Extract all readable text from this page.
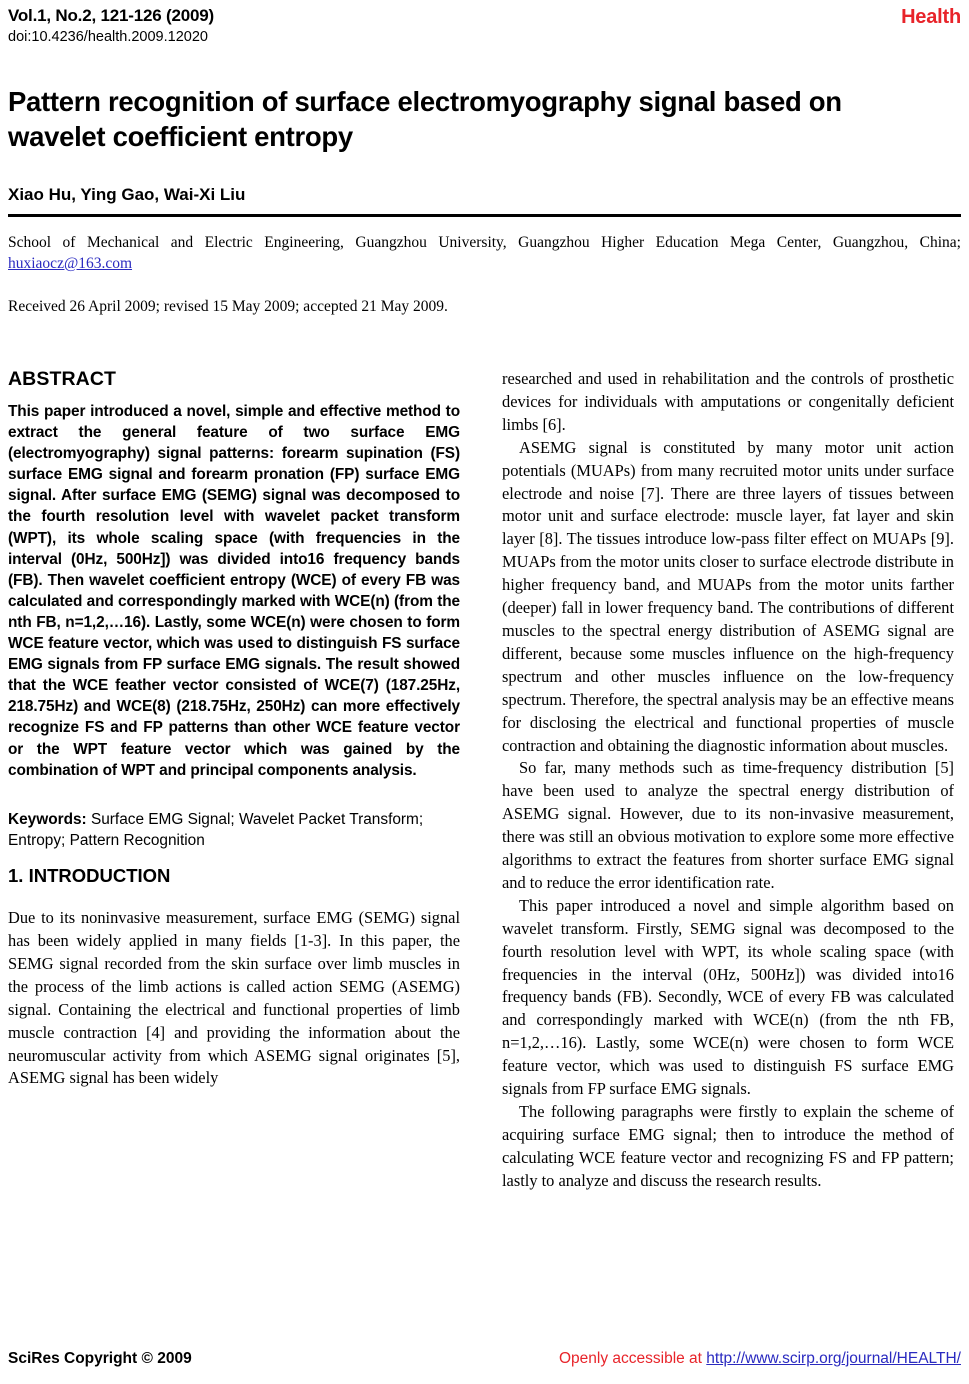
Vol.1, No.2, 121-126 (2009)
doi:10.4236/health.2009.12020
Health
Pattern recognition of surface electromyography signal based on wavelet coefficient entropy
Xiao Hu, Ying Gao, Wai-Xi Liu
School of Mechanical and Electric Engineering, Guangzhou University, Guangzhou Higher Education Mega Center, Guangzhou, China; huxiaocz@163.com
Received 26 April 2009; revised 15 May 2009; accepted 21 May 2009.
ABSTRACT

This paper introduced a novel, simple and effective method to extract the general feature of two surface EMG (electromyography) signal patterns: forearm supination (FS) surface EMG signal and forearm pronation (FP) surface EMG signal. After surface EMG (SEMG) signal was decomposed to the fourth resolution level with wavelet packet transform (WPT), its whole scaling space (with frequencies in the interval (0Hz, 500Hz]) was divided into16 frequency bands (FB). Then wavelet coefficient entropy (WCE) of every FB was calculated and correspondingly marked with WCE(n) (from the nth FB, n=1,2,…16). Lastly, some WCE(n) were chosen to form WCE feature vector, which was used to distinguish FS surface EMG signals from FP surface EMG signals. The result showed that the WCE feather vector consisted of WCE(7) (187.25Hz, 218.75Hz) and WCE(8) (218.75Hz, 250Hz) can more effectively recognize FS and FP patterns than other WCE feature vector or the WPT feature vector which was gained by the combination of WPT and principal components analysis.

Keywords: Surface EMG Signal; Wavelet Packet Transform; Entropy; Pattern Recognition

1. INTRODUCTION

Due to its noninvasive measurement, surface EMG (SEMG) signal has been widely applied in many fields [1-3]. In this paper, the SEMG signal recorded from the skin surface over limb muscles in the process of the limb actions is called action SEMG (ASEMG) signal. Containing the electrical and functional properties of limb muscle contraction [4] and providing the information about the neuromuscular activity from which ASEMG signal originates [5], ASEMG signal has been widely

researched and used in rehabilitation and the controls of prosthetic devices for individuals with amputations or congenitally deficient limbs [6].

ASEMG signal is constituted by many motor unit action potentials (MUAPs) from many recruited motor units under surface electrode and noise [7]. There are three layers of tissues between motor unit and surface electrode: muscle layer, fat layer and skin layer [8]. The tissues introduce low-pass filter effect on MUAPs [9]. MUAPs from the motor units closer to surface electrode distribute in higher frequency band, and MUAPs from the motor units farther (deeper) fall in lower frequency band. The contributions of different muscles to the spectral energy distribution of ASEMG signal are different, because some muscles influence on the high-frequency spectrum and other muscles influence on the low-frequency spectrum. Therefore, the spectral analysis may be an effective means for disclosing the electrical and functional properties of muscle contraction and obtaining the diagnostic information about muscles.

So far, many methods such as time-frequency distribution [5] have been used to analyze the spectral energy distribution of ASEMG signal. However, due to its non-invasive measurement, there was still an obvious motivation to explore some more effective algorithms to extract the features from shorter surface EMG signal and to reduce the error identification rate.

This paper introduced a novel and simple algorithm based on wavelet transform. Firstly, SEMG signal was decomposed to the fourth resolution level with WPT, its whole scaling space (with frequencies in the interval (0Hz, 500Hz]) was divided into16 frequency bands (FB). Secondly, WCE of every FB was calculated and correspondingly marked with WCE(n) (from the nth FB, n=1,2,…16). Lastly, some WCE(n) were chosen to form WCE feature vector, which was used to distinguish FS surface EMG signals from FP surface EMG signals.

The following paragraphs were firstly to explain the scheme of acquiring surface EMG signal; then to introduce the method of calculating WCE feature vector and recognizing FS and FP pattern; lastly to analyze and discuss the research results.

SciRes Copyright © 2009	Openly accessible at http://www.scirp.org/journal/HEALTH/
